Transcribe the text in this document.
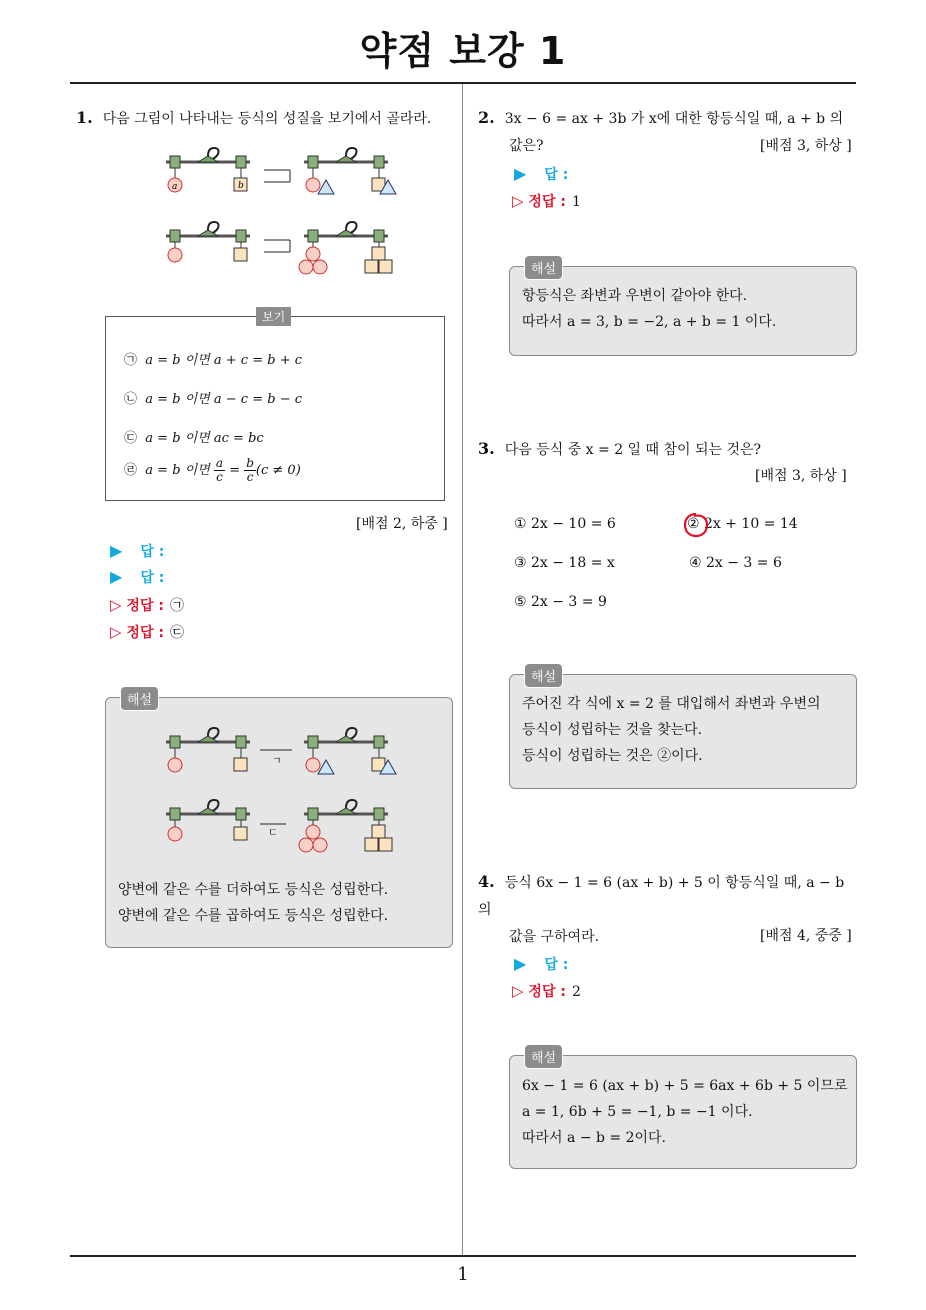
약점 보강 1
1. 다음 그림이 나타내는 등식의 성질을 보기에서 골라라.
a	b
보기
㉠ a = b 이면 a + c = b + c
㉡ a = b 이면 a − c = b − c
㉢ a = b 이면 ac = bc
㉣ a = b 이면 $\frac{a}{c} = \frac{b}{c}(c \ne 0)$
[배점 2, 하중 ]
▶ 답 :
▶ 답 :
▷ 정답 : ㉠
▷ 정답 : ㉢
해설
ㄱ
ㄷ
양변에 같은 수를 더하여도 등식은 성립한다.
양변에 같은 수를 곱하여도 등식은 성립한다.
2. 3x − 6 = ax + 3b 가 x에 대한 항등식일 때, a + b 의
값은?	[배점 3, 하상 ]
▶ 답 :
▷ 정답 : 1
해설
항등식은 좌변과 우변이 같아야 한다.
따라서 a = 3, b = −2, a + b = 1 이다.
3. 다음 등식 중 x = 2 일 때 참이 되는 것은?
[배점 3, 하상 ]
① 2x − 10 = 6	② 2x + 10 = 14
③ 2x − 18 = x	④ 2x − 3 = 6
⑤ 2x − 3 = 9
해설
주어진 각 식에 x = 2 를 대입해서 좌변과 우변의
등식이 성립하는 것을 찾는다.
등식이 성립하는 것은 ②이다.
4. 등식 6x − 1 = 6 (ax + b) + 5 이 항등식일 때, a − b 의
값을 구하여라.	[배점 4, 중중 ]
▶ 답 :
▷ 정답 : 2
해설
6x − 1 = 6 (ax + b) + 5 = 6ax + 6b + 5 이므로
a = 1, 6b + 5 = −1, b = −1 이다.
따라서 a − b = 2이다.
1
